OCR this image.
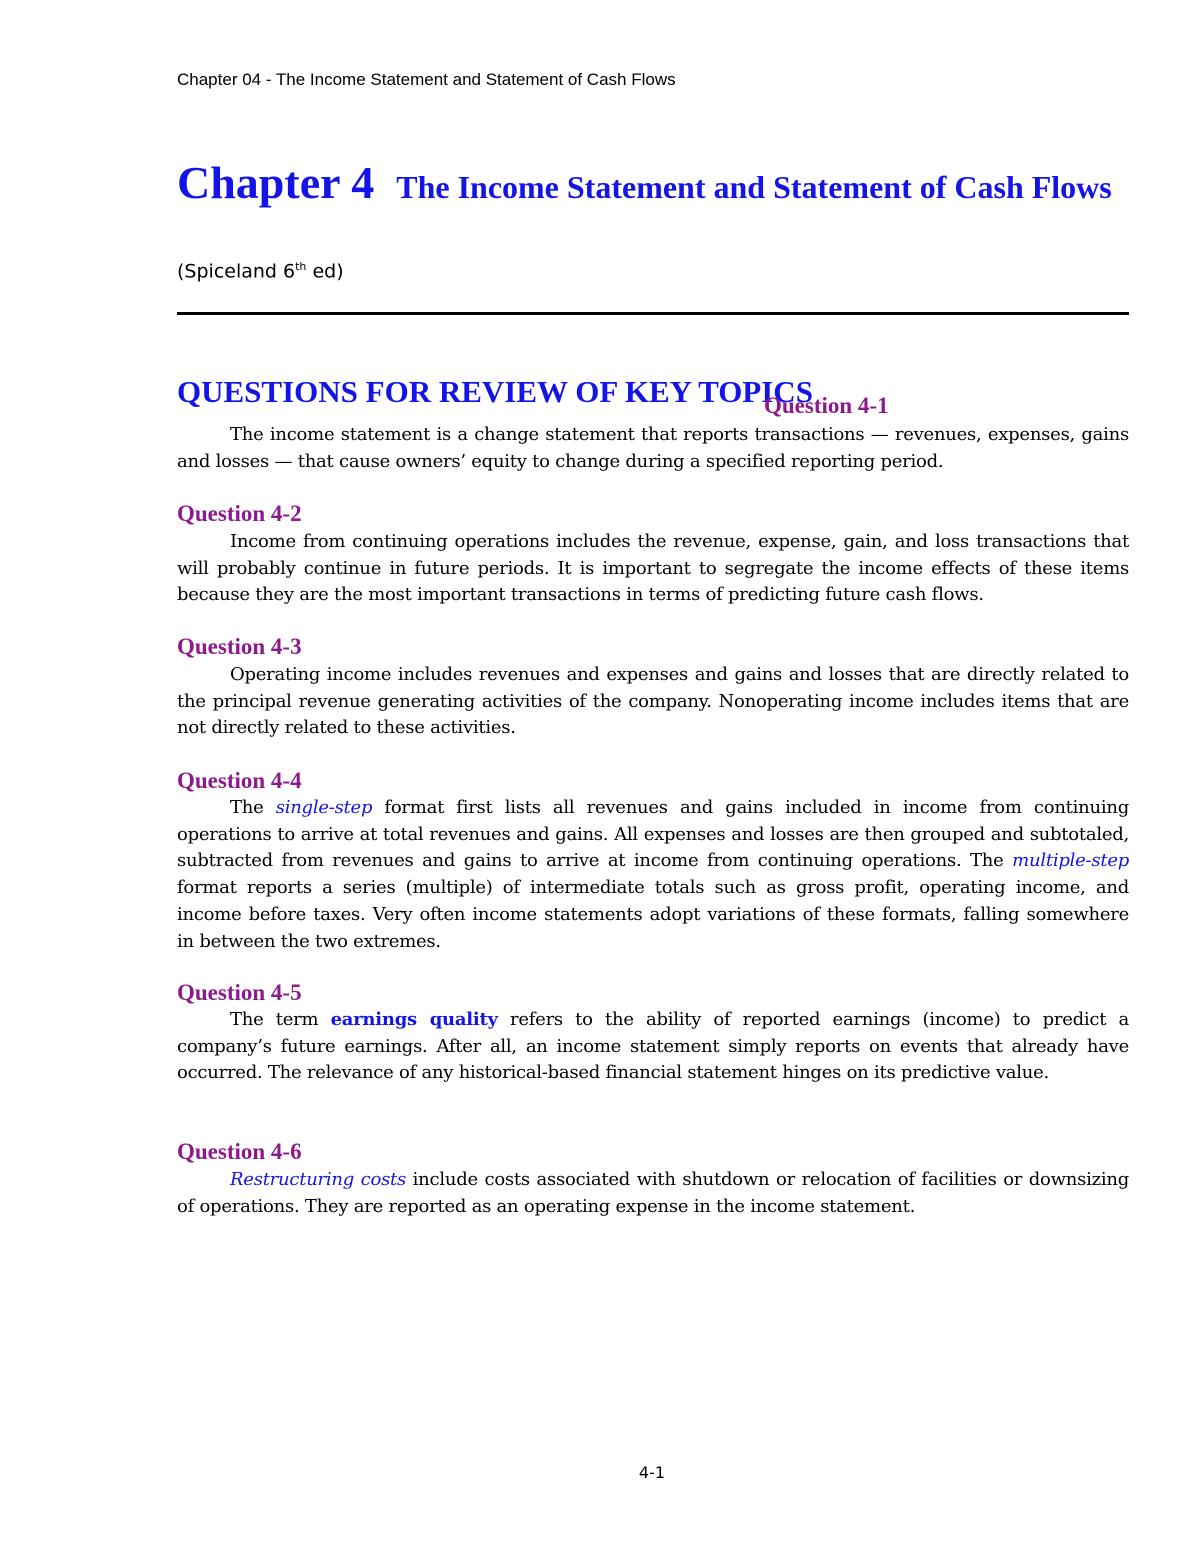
Chapter 04 - The Income Statement and Statement of Cash Flows
Chapter 4 The Income Statement and Statement of Cash Flows
(Spiceland 6th ed)
QUESTIONS FOR REVIEW OF KEY TOPICS
Question 4-1
The income statement is a change statement that reports transactions — revenues, expenses, gains and losses — that cause owners’ equity to change during a specified reporting period.
Question 4-2
Income from continuing operations includes the revenue, expense, gain, and loss transactions that will probably continue in future periods. It is important to segregate the income effects of these items because they are the most important transactions in terms of predicting future cash flows.
Question 4-3
Operating income includes revenues and expenses and gains and losses that are directly related to the principal revenue generating activities of the company. Nonoperating income includes items that are not directly related to these activities.
Question 4-4
The single-step format first lists all revenues and gains included in income from continuing operations to arrive at total revenues and gains. All expenses and losses are then grouped and subtotaled, subtracted from revenues and gains to arrive at income from continuing operations. The multiple-step format reports a series (multiple) of intermediate totals such as gross profit, operating income, and income before taxes. Very often income statements adopt variations of these formats, falling somewhere in between the two extremes.
Question 4-5
The term earnings quality refers to the ability of reported earnings (income) to predict a company’s future earnings. After all, an income statement simply reports on events that already have occurred. The relevance of any historical-based financial statement hinges on its predictive value.
Question 4-6
Restructuring costs include costs associated with shutdown or relocation of facilities or downsizing of operations. They are reported as an operating expense in the income statement.
4-1
